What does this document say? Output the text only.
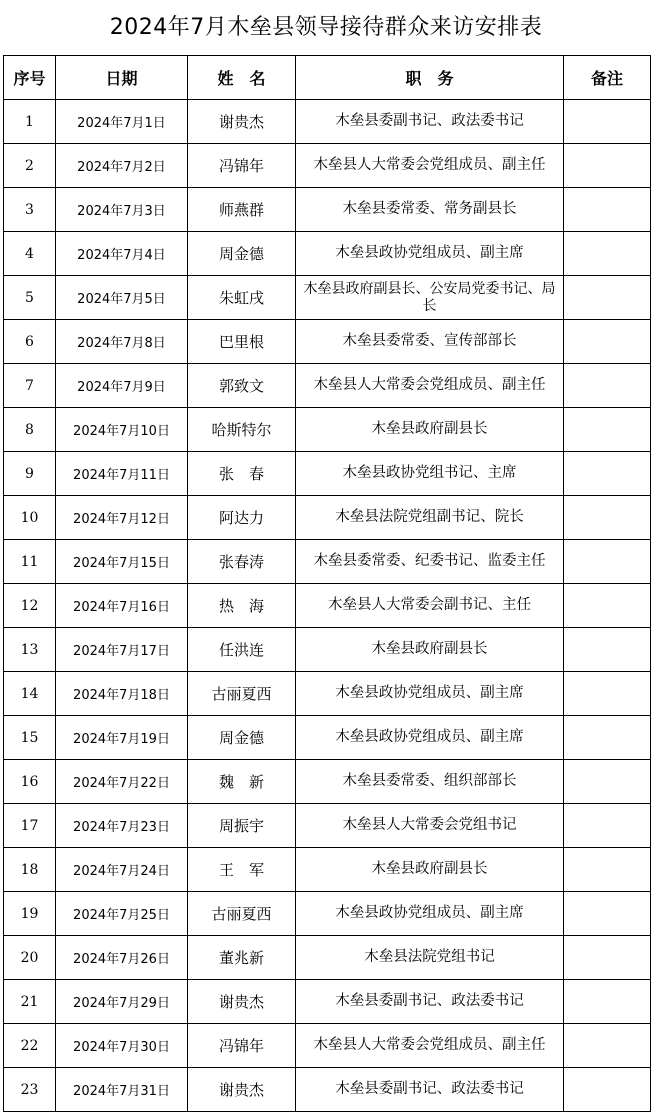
2024年7月木垒县领导接待群众来访安排表
序号	日期	姓　名	职　务	备注
1	2024年7月1日	谢贵杰	木垒县委副书记、政法委书记	
2	2024年7月2日	冯锦年	木垒县人大常委会党组成员、副主任	
3	2024年7月3日	师燕群	木垒县委常委、常务副县长	
4	2024年7月4日	周金德	木垒县政协党组成员、副主席	
5	2024年7月5日	朱虹戌	木垒县政府副县长、公安局党委书记、局长	
6	2024年7月8日	巴里根	木垒县委常委、宣传部部长	
7	2024年7月9日	郭致文	木垒县人大常委会党组成员、副主任	
8	2024年7月10日	哈斯特尔	木垒县政府副县长	
9	2024年7月11日	张　春	木垒县政协党组书记、主席	
10	2024年7月12日	阿达力	木垒县法院党组副书记、院长	
11	2024年7月15日	张春涛	木垒县委常委、纪委书记、监委主任	
12	2024年7月16日	热　海	木垒县人大常委会副书记、主任	
13	2024年7月17日	任洪连	木垒县政府副县长	
14	2024年7月18日	古丽夏西	木垒县政协党组成员、副主席	
15	2024年7月19日	周金德	木垒县政协党组成员、副主席	
16	2024年7月22日	魏　新	木垒县委常委、组织部部长	
17	2024年7月23日	周振宇	木垒县人大常委会党组书记	
18	2024年7月24日	王　军	木垒县政府副县长	
19	2024年7月25日	古丽夏西	木垒县政协党组成员、副主席	
20	2024年7月26日	董兆新	木垒县法院党组书记	
21	2024年7月29日	谢贵杰	木垒县委副书记、政法委书记	
22	2024年7月30日	冯锦年	木垒县人大常委会党组成员、副主任	
23	2024年7月31日	谢贵杰	木垒县委副书记、政法委书记	
